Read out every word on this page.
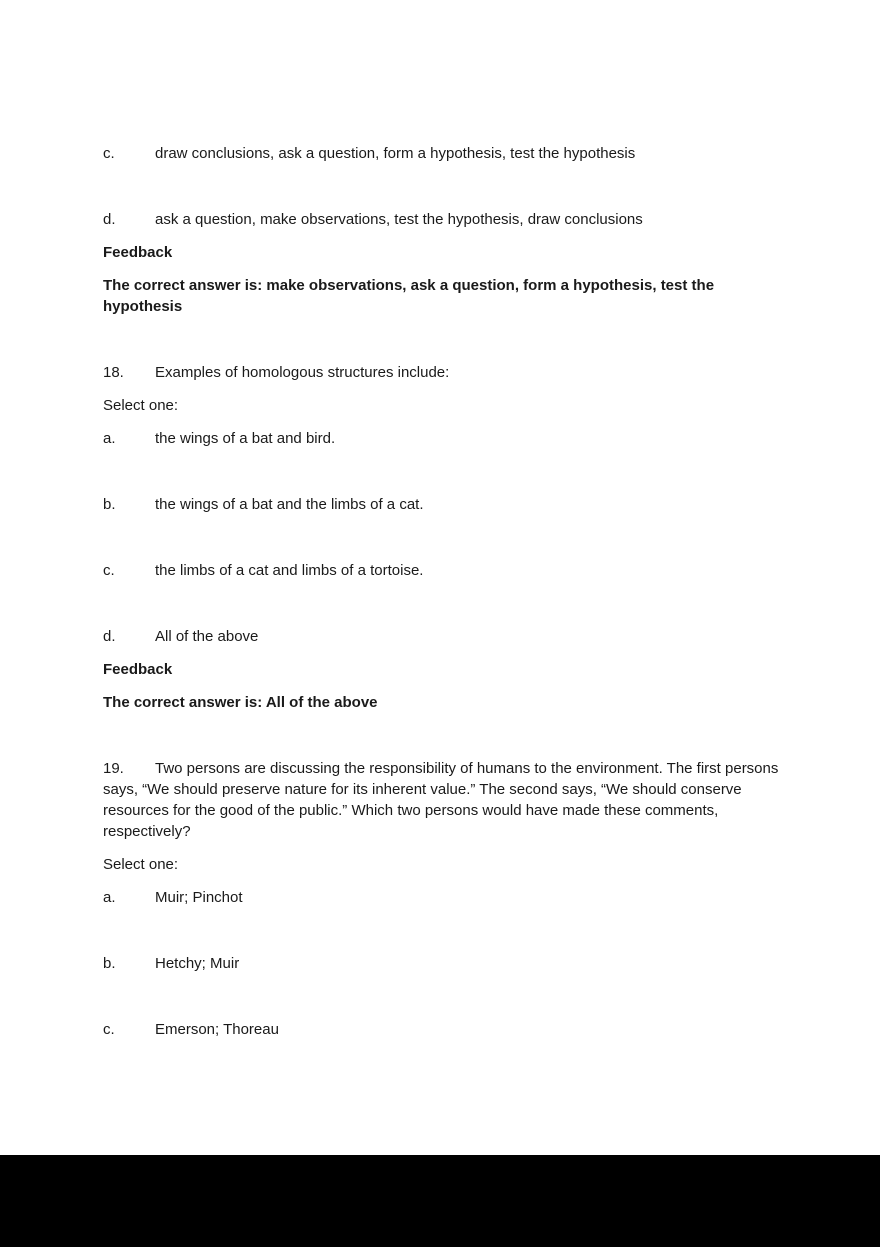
c.	draw conclusions, ask a question, form a hypothesis, test the hypothesis

d.	ask a question, make observations, test the hypothesis, draw conclusions

Feedback

The correct answer is: make observations, ask a question, form a hypothesis, test the hypothesis

18. Examples of homologous structures include:

Select one:

a.	the wings of a bat and bird.

b.	the wings of a bat and the limbs of a cat.

c.	the limbs of a cat and limbs of a tortoise.

d.	All of the above

Feedback

The correct answer is: All of the above

19. Two persons are discussing the responsibility of humans to the environment. The first persons says, “We should preserve nature for its inherent value.” The second says, “We should conserve resources for the good of the public.” Which two persons would have made these comments, respectively?

Select one:

a.	Muir; Pinchot

b.	Hetchy; Muir

c.	Emerson; Thoreau
